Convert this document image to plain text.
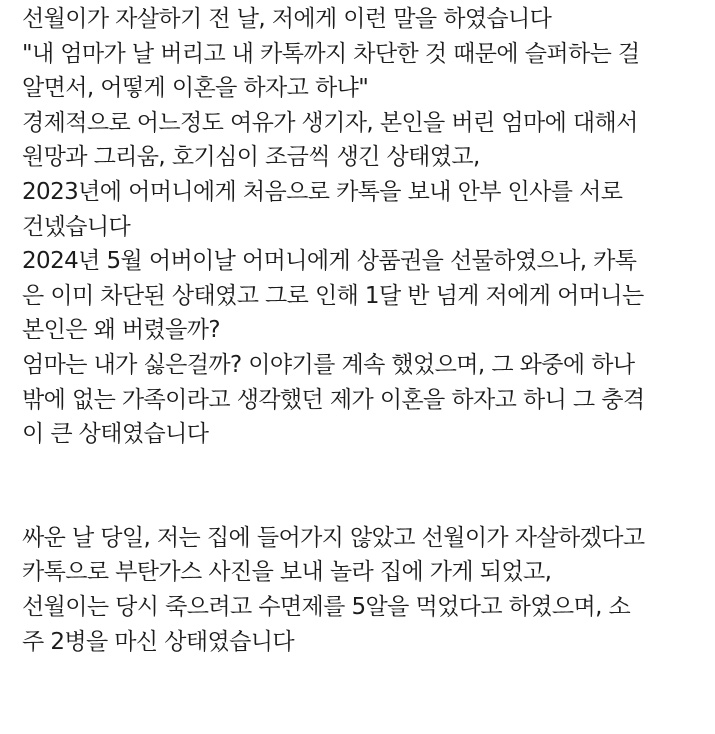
선월이가 자살하기 전 날, 저에게 이런 말을 하였습니다
"내 엄마가 날 버리고 내 카톡까지 차단한 것 때문에 슬퍼하는 걸
알면서, 어떻게 이혼을 하자고 하냐"
경제적으로 어느정도 여유가 생기자, 본인을 버린 엄마에 대해서
원망과 그리움, 호기심이 조금씩 생긴 상태였고,
2023년에 어머니에게 처음으로 카톡을 보내 안부 인사를 서로
건넸습니다
2024년 5월 어버이날 어머니에게 상품권을 선물하였으나, 카톡
은 이미 차단된 상태였고 그로 인해 1달 반 넘게 저에게 어머니는
본인은 왜 버렸을까?
엄마는 내가 싫은걸까? 이야기를 계속 했었으며, 그 와중에 하나
밖에 없는 가족이라고 생각했던 제가 이혼을 하자고 하니 그 충격
이 큰 상태였습니다
싸운 날 당일, 저는 집에 들어가지 않았고 선월이가 자살하겠다고
카톡으로 부탄가스 사진을 보내 놀라 집에 가게 되었고,
선월이는 당시 죽으려고 수면제를 5알을 먹었다고 하였으며, 소
주 2병을 마신 상태였습니다
